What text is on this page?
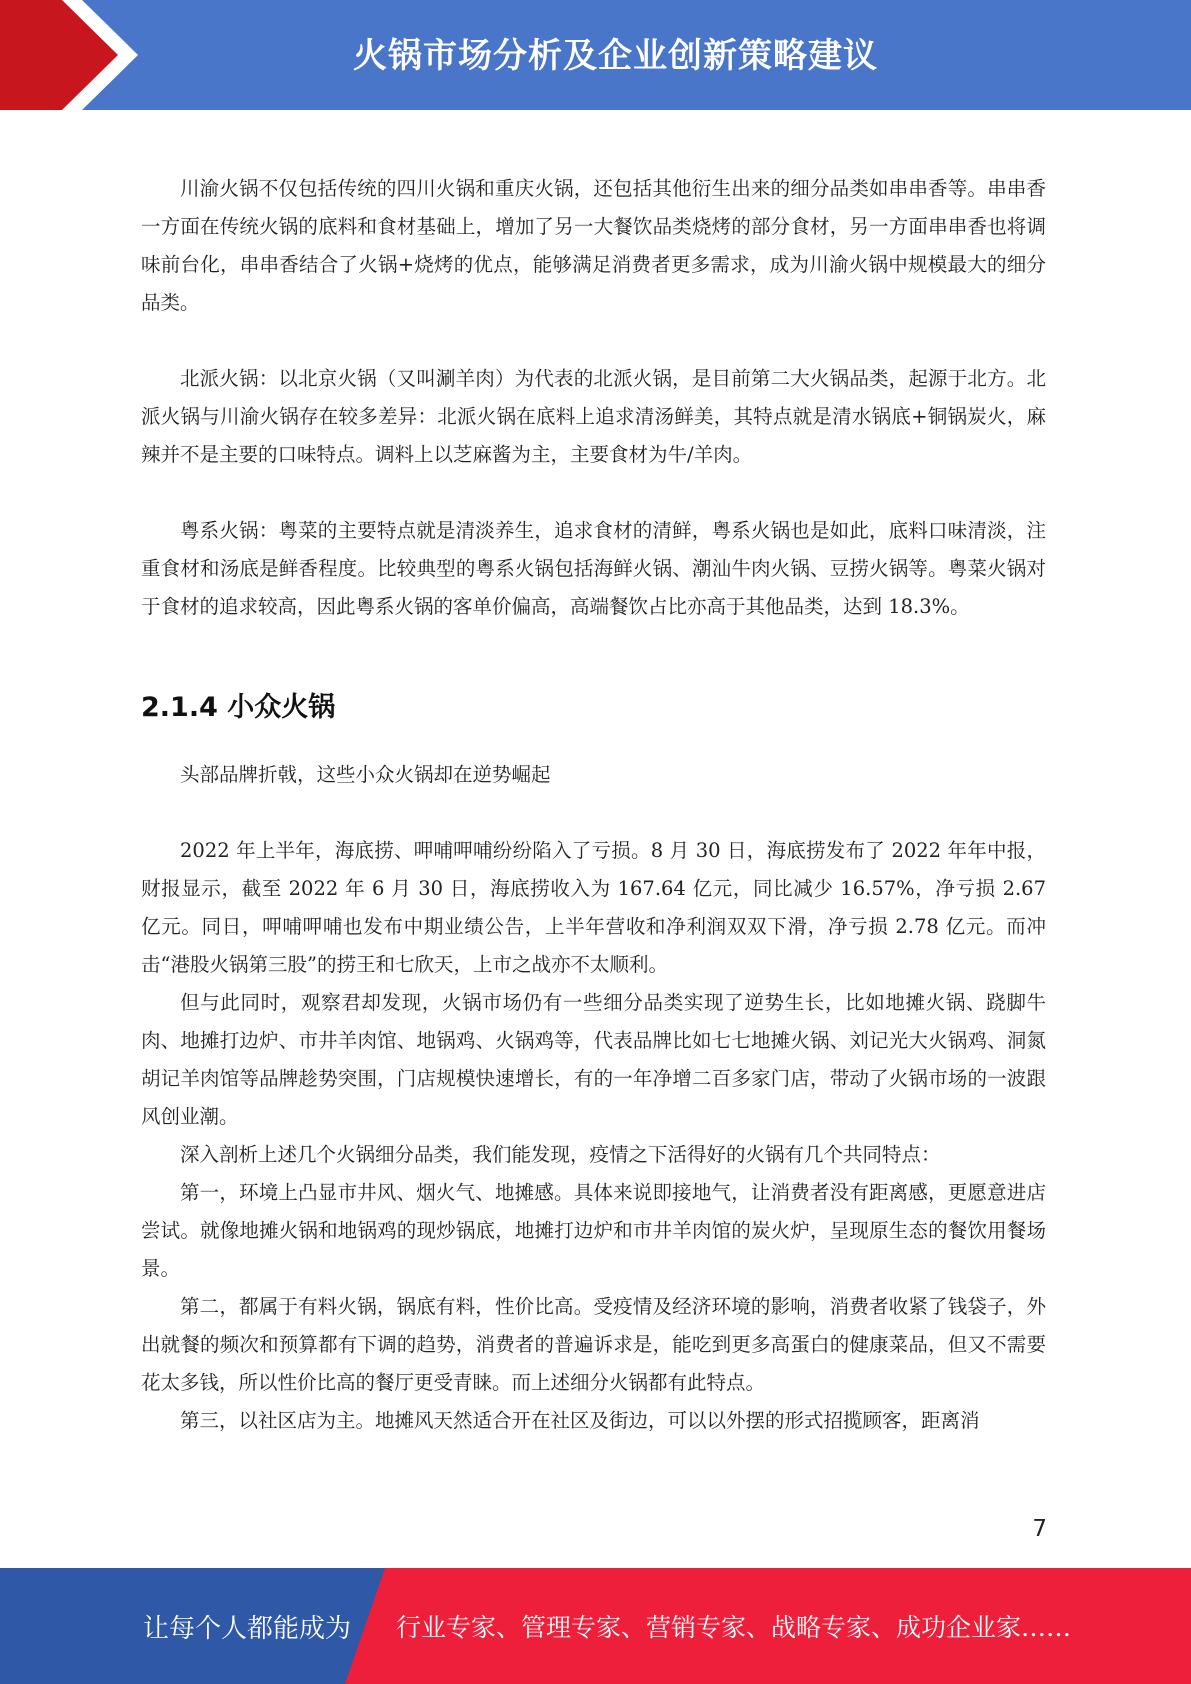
火锅市场分析及企业创新策略建议

川渝火锅不仅包括传统的四川火锅和重庆火锅，还包括其他衍生出来的细分品类如串串香等。串串香一方面在传统火锅的底料和食材基础上，增加了另一大餐饮品类烧烤的部分食材，另一方面串串香也将调味前台化，串串香结合了火锅+烧烤的优点，能够满足消费者更多需求，成为川渝火锅中规模最大的细分品类。

北派火锅：以北京火锅（又叫涮羊肉）为代表的北派火锅，是目前第二大火锅品类，起源于北方。北派火锅与川渝火锅存在较多差异：北派火锅在底料上追求清汤鲜美，其特点就是清水锅底+铜锅炭火，麻辣并不是主要的口味特点。调料上以芝麻酱为主，主要食材为牛/羊肉。

粤系火锅：粤菜的主要特点就是清淡养生，追求食材的清鲜，粤系火锅也是如此，底料口味清淡，注重食材和汤底是鲜香程度。比较典型的粤系火锅包括海鲜火锅、潮汕牛肉火锅、豆捞火锅等。粤菜火锅对于食材的追求较高，因此粤系火锅的客单价偏高，高端餐饮占比亦高于其他品类，达到 18.3%。

2.1.4 小众火锅

头部品牌折戟，这些小众火锅却在逆势崛起

2022 年上半年，海底捞、呷哺呷哺纷纷陷入了亏损。8 月 30 日，海底捞发布了 2022 年年中报，财报显示，截至 2022 年 6 月 30 日，海底捞收入为 167.64 亿元，同比减少 16.57%，净亏损 2.67 亿元。同日，呷哺呷哺也发布中期业绩公告，上半年营收和净利润双双下滑，净亏损 2.78 亿元。而冲击“港股火锅第三股”的捞王和七欣天，上市之战亦不太顺利。

但与此同时，观察君却发现，火锅市场仍有一些细分品类实现了逆势生长，比如地摊火锅、跷脚牛肉、地摊打边炉、市井羊肉馆、地锅鸡、火锅鸡等，代表品牌比如七七地摊火锅、刘记光大火锅鸡、洞氮胡记羊肉馆等品牌趁势突围，门店规模快速增长，有的一年净增二百多家门店，带动了火锅市场的一波跟风创业潮。

深入剖析上述几个火锅细分品类，我们能发现，疫情之下活得好的火锅有几个共同特点：

第一，环境上凸显市井风、烟火气、地摊感。具体来说即接地气，让消费者没有距离感，更愿意进店尝试。就像地摊火锅和地锅鸡的现炒锅底，地摊打边炉和市井羊肉馆的炭火炉，呈现原生态的餐饮用餐场景。

第二，都属于有料火锅，锅底有料，性价比高。受疫情及经济环境的影响，消费者收紧了钱袋子，外出就餐的频次和预算都有下调的趋势，消费者的普遍诉求是，能吃到更多高蛋白的健康菜品，但又不需要花太多钱，所以性价比高的餐厅更受青睐。而上述细分火锅都有此特点。

第三，以社区店为主。地摊风天然适合开在社区及街边，可以以外摆的形式招揽顾客，距离消

7
让每个人都能成为 行业专家、管理专家、营销专家、战略专家、成功企业家……
